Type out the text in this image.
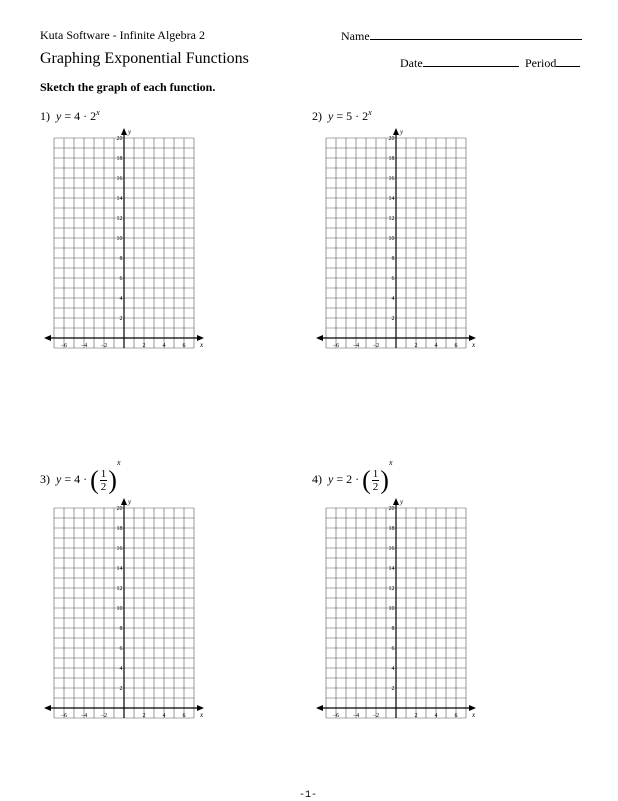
Kuta Software - Infinite Algebra 2	Name
Graphing Exponential Functions	Date	Period
Sketch the graph of each function.
1) $y = 4 \cdot 2^x$	2) $y = 5 \cdot 2^x$
3) y = 4 · ( $\frac{1}{2} )^x$
4) y = 2 · ( $\frac{1}{2} )^x$
−6 −4 −2	2	4	6
2
4
6
8
10
12
14
16
18
20
x
y
−6 −4 −2	2	4	6
2
4
6
8
10
12
14
16
18
20
x
y
−6 −4 −2	2	4	6
2
4
6
8
10
12
14
16
18
20
x
y
−6 −4 −2	2	4	6
2
4
6
8
10
12
14
16
18
20
x
y
-1-
